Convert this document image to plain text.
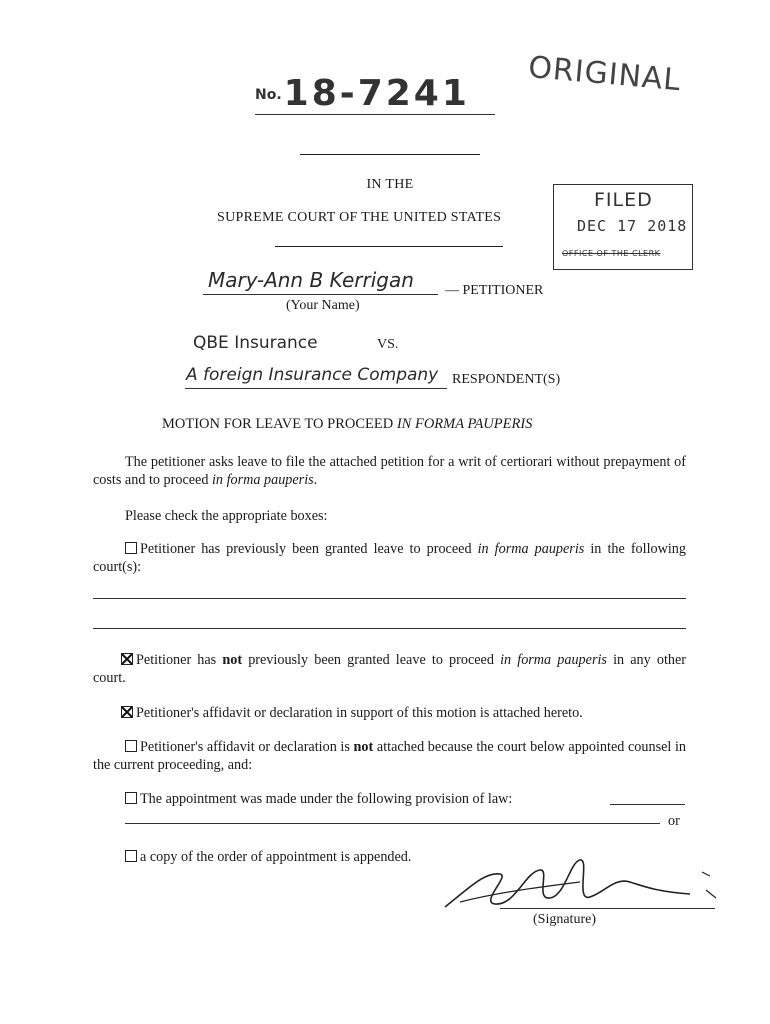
No.18-7241	ORIGINAL
IN THE
SUPREME COURT OF THE UNITED STATES
FILED
DEC 17 2018
OFFICE OF THE CLERK
Mary-Ann B Kerrigan — PETITIONER
(Your Name)
QBE Insurance	VS.
A foreign Insurance Company RESPONDENT(S)
MOTION FOR LEAVE TO PROCEED IN FORMA PAUPERIS
The petitioner asks leave to file the attached petition for a writ of certiorari without prepayment of costs and to proceed in forma pauperis.
Please check the appropriate boxes:
Petitioner has previously been granted leave to proceed in forma pauperis in the following court(s):
Petitioner has not previously been granted leave to proceed in forma pauperis in any other court.
Petitioner's affidavit or declaration in support of this motion is attached hereto.
Petitioner's affidavit or declaration is not attached because the court below appointed counsel in the current proceeding, and:
The appointment was made under the following provision of law:
or
a copy of the order of appointment is appended.
(Signature)
